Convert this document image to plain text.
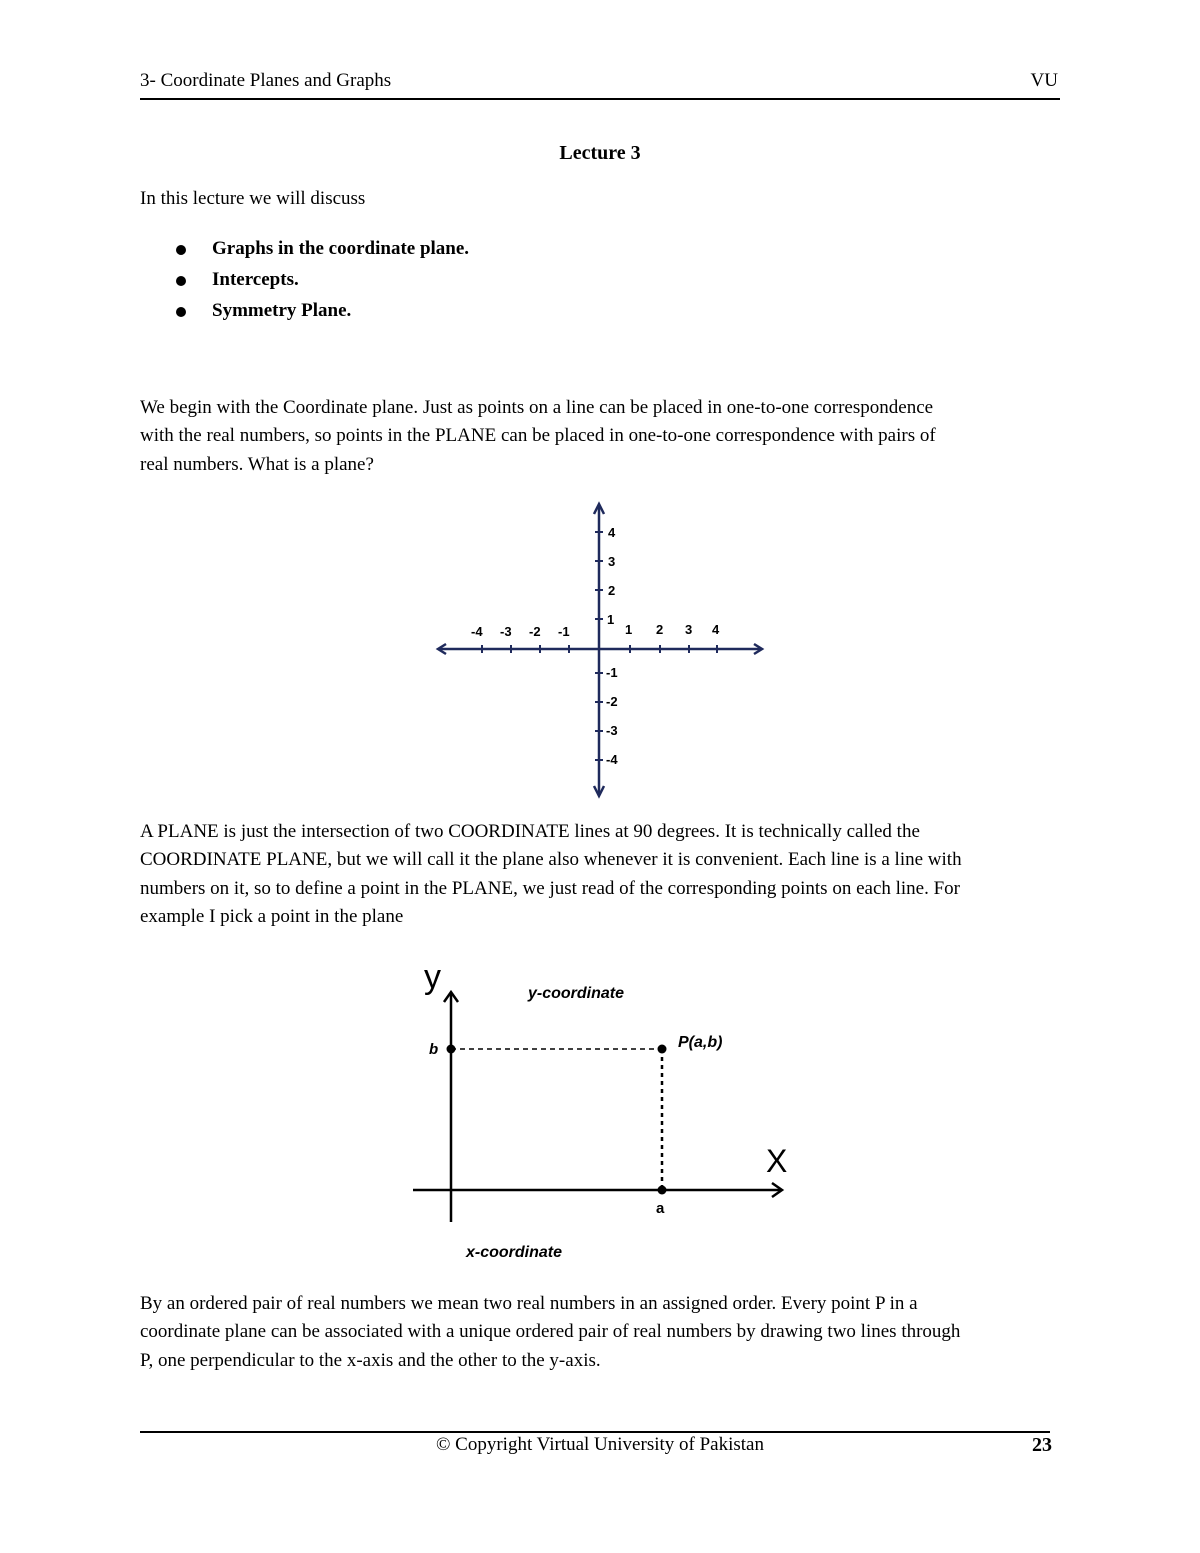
3- Coordinate Planes and Graphs	VU
Lecture 3
In this lecture we will discuss
Graphs in the coordinate plane.
Intercepts.
Symmetry Plane.

We begin with the Coordinate plane. Just as points on a line can be placed in one-to-one correspondence
with the real numbers, so points in the PLANE can be placed in one-to-one correspondence with pairs of
real numbers. What is a plane?

-4 -3 -2 -1	1 2 3 4
1
2
3
4
-1
-2
-3
-4

A PLANE is just the intersection of two COORDINATE lines at 90 degrees. It is technically called the
COORDINATE PLANE, but we will call it the plane also whenever it is convenient. Each line is a line with
numbers on it, so to define a point in the PLANE, we just read of the corresponding points on each line. For
example I pick a point in the plane

y
X
y-coordinate
x-coordinate
P(a,b)
a
b

By an ordered pair of real numbers we mean two real numbers in an assigned order. Every point P in a
coordinate plane can be associated with a unique ordered pair of real numbers by drawing two lines through
P, one perpendicular to the x-axis and the other to the y-axis.

© Copyright Virtual University of Pakistan	23
